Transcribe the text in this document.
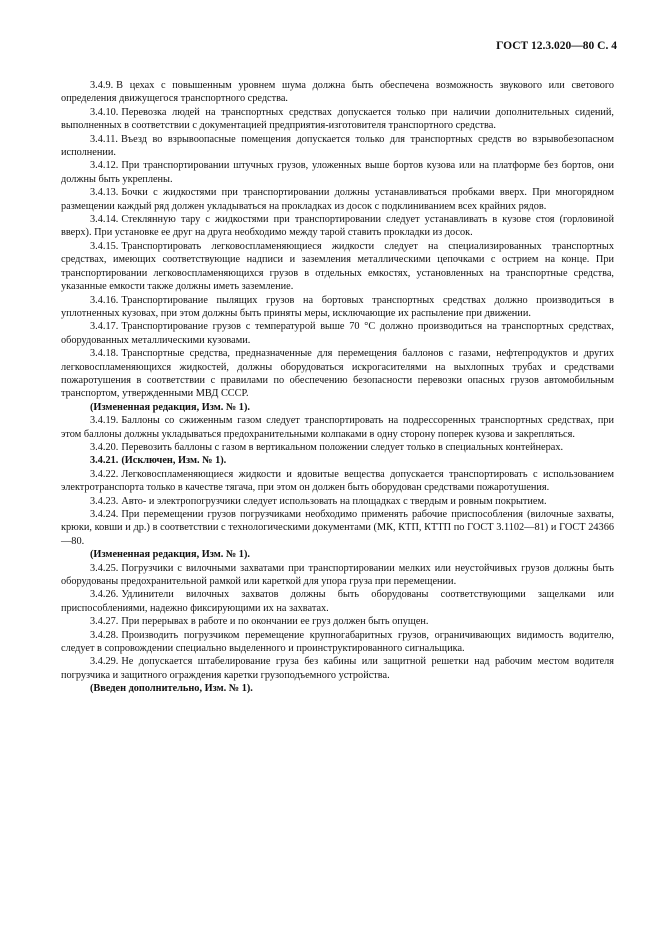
ГОСТ 12.3.020—80 С. 4

3.4.9. В цехах с повышенным уровнем шума должна быть обеспечена возможность звукового или светового определения движущегося транспортного средства.

3.4.10. Перевозка людей на транспортных средствах допускается только при наличии дополнительных сидений, выполненных в соответствии с документацией предприятия-изготовителя транспортного средства.

3.4.11. Въезд во взрывоопасные помещения допускается только для транспортных средств во взрывобезопасном исполнении.

3.4.12. При транспортировании штучных грузов, уложенных выше бортов кузова или на платформе без бортов, они должны быть укреплены.

3.4.13. Бочки с жидкостями при транспортировании должны устанавливаться пробками вверх. При многорядном размещении каждый ряд должен укладываться на прокладках из досок с подклиниванием всех крайних рядов.

3.4.14. Стеклянную тару с жидкостями при транспортировании следует устанавливать в кузове стоя (горловиной вверх). При установке ее друг на друга необходимо между тарой ставить прокладки из досок.

3.4.15. Транспортировать легковоспламеняющиеся жидкости следует на специализированных транспортных средствах, имеющих соответствующие надписи и заземления металлическими цепочками с острием на конце. При транспортировании легковоспламеняющихся грузов в отдельных емкостях, установленных на транспортные средства, указанные емкости также должны иметь заземление.

3.4.16. Транспортирование пылящих грузов на бортовых транспортных средствах должно производиться в уплотненных кузовах, при этом должны быть приняты меры, исключающие их распыление при движении.

3.4.17. Транспортирование грузов с температурой выше 70 °С должно производиться на транспортных средствах, оборудованных металлическими кузовами.

3.4.18. Транспортные средства, предназначенные для перемещения баллонов с газами, нефтепродуктов и других легковоспламеняющихся жидкостей, должны оборудоваться искрогасителями на выхлопных трубах и средствами пожаротушения в соответствии с правилами по обеспечению безопасности перевозки опасных грузов автомобильным транспортом, утвержденными МВД СССР.

(Измененная редакция, Изм. № 1).

3.4.19. Баллоны со сжиженным газом следует транспортировать на подрессоренных транспортных средствах, при этом баллоны должны укладываться предохранительными колпаками в одну сторону поперек кузова и закрепляться.

3.4.20. Перевозить баллоны с газом в вертикальном положении следует только в специальных контейнерах.

3.4.21. (Исключен, Изм. № 1).

3.4.22. Легковоспламеняющиеся жидкости и ядовитые вещества допускается транспортировать с использованием электротранспорта только в качестве тягача, при этом он должен быть оборудован средствами пожаротушения.

3.4.23. Авто- и электропогрузчики следует использовать на площадках с твердым и ровным покрытием.

3.4.24. При перемещении грузов погрузчиками необходимо применять рабочие приспособления (вилочные захваты, крюки, ковши и др.) в соответствии с технологическими документами (МК, КТП, КТТП по ГОСТ 3.1102—81) и ГОСТ 24366—80.

(Измененная редакция, Изм. № 1).

3.4.25. Погрузчики с вилочными захватами при транспортировании мелких или неустойчивых грузов должны быть оборудованы предохранительной рамкой или кареткой для упора груза при перемещении.

3.4.26. Удлинители вилочных захватов должны быть оборудованы соответствующими защелками или приспособлениями, надежно фиксирующими их на захватах.

3.4.27. При перерывах в работе и по окончании ее груз должен быть опущен.

3.4.28. Производить погрузчиком перемещение крупногабаритных грузов, ограничивающих видимость водителю, следует в сопровождении специально выделенного и проинструктированного сигнальщика.

3.4.29. Не допускается штабелирование груза без кабины или защитной решетки над рабочим местом водителя погрузчика и защитного ограждения каретки грузоподъемного устройства.

(Введен дополнительно, Изм. № 1).
